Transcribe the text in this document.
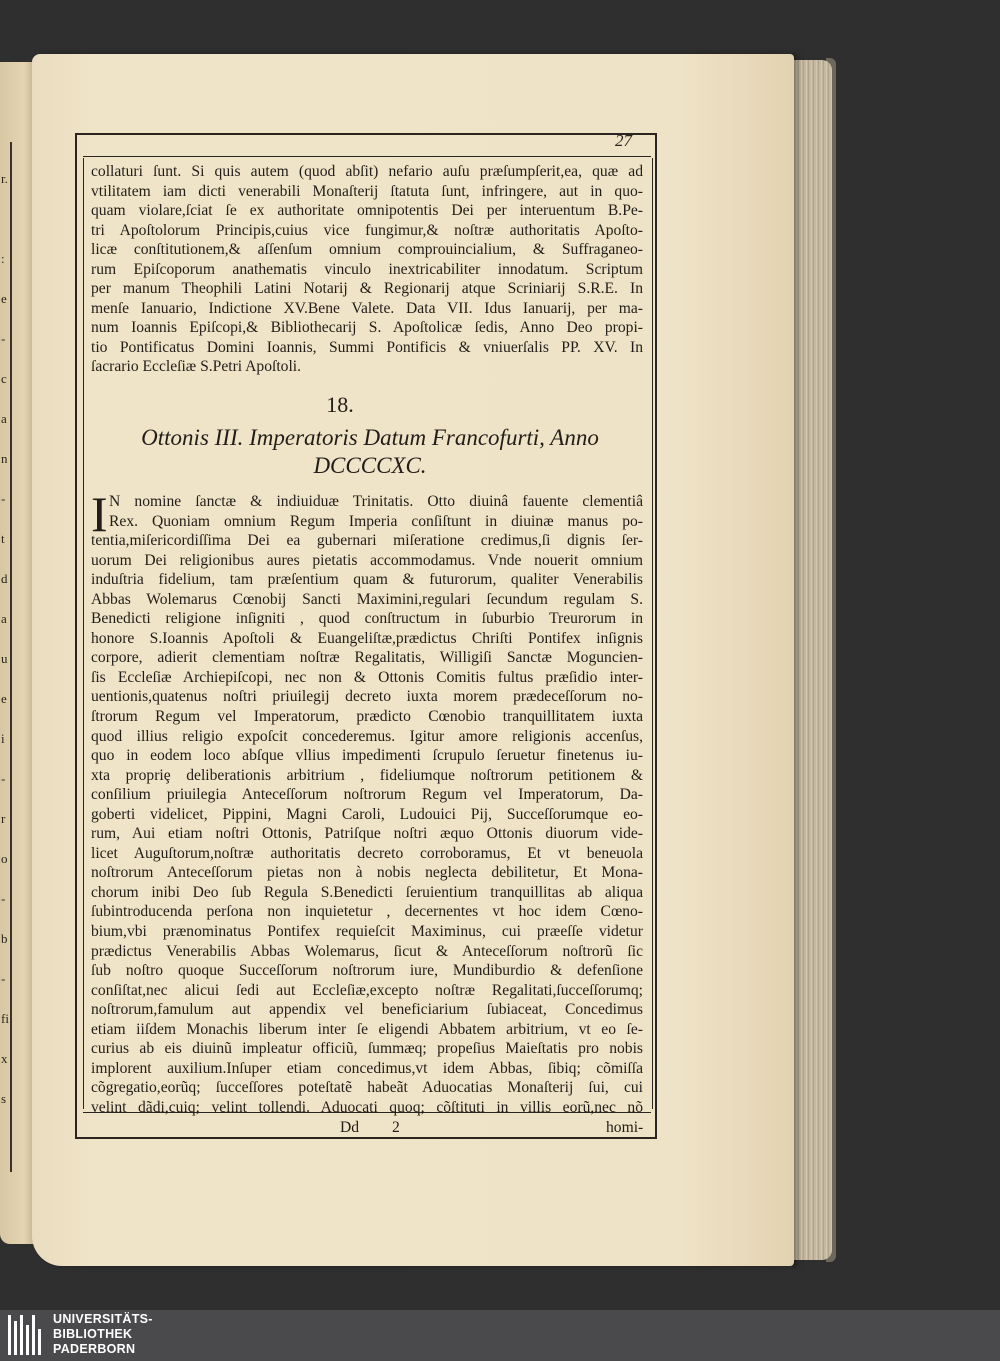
r.
:
e
-
c
a
n
-
t
d
a
u
e
i
-
r
o
-
b
-
fi
x
s
27
collaturi ſunt. Si quis autem (quod abſit) nefario auſu præſumpſerit,ea, quæ ad
vtilitatem iam dicti venerabili Monaſterij ſtatuta ſunt, infringere, aut in quo-
quam violare,ſciat ſe ex authoritate omnipotentis Dei per interuentum B.Pe-
tri Apoſtolorum Principis,cuius vice fungimur,& noſtræ authoritatis Apoſto-
licæ conſtitutionem,& aſſenſum omnium comprouincialium, & Suffraganeo-
rum Epiſcoporum anathematis vinculo inextricabiliter innodatum. Scriptum
per manum Theophili Latini Notarij & Regionarij atque Scriniarij S.R.E. In
menſe Ianuario, Indictione XV.Bene Valete. Data VII. Idus Ianuarij, per ma-
num Ioannis Epiſcopi,& Bibliothecarij S. Apoſtolicæ ſedis, Anno Deo propi-
tio Pontificatus Domini Ioannis, Summi Pontificis & vniuerſalis PP. XV. In
ſacrario Eccleſiæ S.Petri Apoſtoli.
18.
Ottonis III. Imperatoris Datum Francofurti, Anno
DCCCCXC.
I N nomine ſanctæ & indiuiduæ Trinitatis. Otto diuinâ fauente clementiâ
Rex. Quoniam omnium Regum Imperia conſiſtunt in diuinæ manus po-
tentia,miſericordiſſima Dei ea gubernari miſeratione credimus,ſi dignis ſer-
uorum Dei religionibus aures pietatis accommodamus. Vnde nouerit omnium
induſtria fidelium, tam præſentium quam & futurorum, qualiter Venerabilis
Abbas Wolemarus Cœnobij Sancti Maximini,regulari ſecundum regulam S.
Benedicti religione inſigniti , quod conſtructum in ſuburbio Treurorum in
honore S.Ioannis Apoſtoli & Euangeliſtæ,prædictus Chriſti Pontifex inſignis
corpore, adierit clementiam noſtræ Regalitatis, Willigiſi Sanctæ Moguncien-
ſis Eccleſiæ Archiepiſcopi, nec non & Ottonis Comitis fultus præſidio inter-
uentionis,quatenus noſtri priuilegij decreto iuxta morem prædeceſſorum no-
ſtrorum Regum vel Imperatorum, prædicto Cœnobio tranquillitatem iuxta
quod illius religio expoſcit concederemus. Igitur amore religionis accenſus,
quo in eodem loco abſque vllius impedimenti ſcrupulo ſeruetur finetenus iu-
xta propriȩ deliberationis arbitrium , fideliumque noſtrorum petitionem &
conſilium priuilegia Anteceſſorum noſtrorum Regum vel Imperatorum, Da-
goberti videlicet, Pippini, Magni Caroli, Ludouici Pij, Succeſſorumque eo-
rum, Aui etiam noſtri Ottonis, Patriſque noſtri æquo Ottonis diuorum vide-
licet Auguſtorum,noſtræ authoritatis decreto corroboramus, Et vt beneuola
noſtrorum Anteceſſorum pietas non à nobis neglecta debilitetur, Et Mona-
chorum inibi Deo ſub Regula S.Benedicti ſeruientium tranquillitas ab aliqua
ſubintroducenda perſona non inquietetur , decernentes vt hoc idem Cœno-
bium,vbi prænominatus Pontifex requieſcit Maximinus, cui præeſſe videtur
prædictus Venerabilis Abbas Wolemarus, ſicut & Anteceſſorum noſtrorũ ſic
ſub noſtro quoque Succeſſorum noſtrorum iure, Mundiburdio & defenſione
conſiſtat,nec alicui ſedi aut Eccleſiæ,excepto noſtræ Regalitati,ſucceſſorumq;
noſtrorum,famulum aut appendix vel beneficiarium ſubiaceat, Concedimus
etiam iiſdem Monachis liberum inter ſe eligendi Abbatem arbitrium, vt eo ſe-
curius ab eis diuinũ impleatur officiũ, ſummæq; propeſius Maieſtatis pro nobis
implorent auxilium.Inſuper etiam concedimus,vt idem Abbas, ſibiq; cõmiſſa
cõgregatio,eorũq; ſucceſſores poteſtatẽ habeãt Aduocatias Monaſterij ſui, cui
velint dãdi,cuiq; velint tollendi. Aduocati quoq; cõſtituti in villis eorũ,nec nõ
Dd 2	homi-
UNIVERSITÄTS-
BIBLIOTHEK
PADERBORN
